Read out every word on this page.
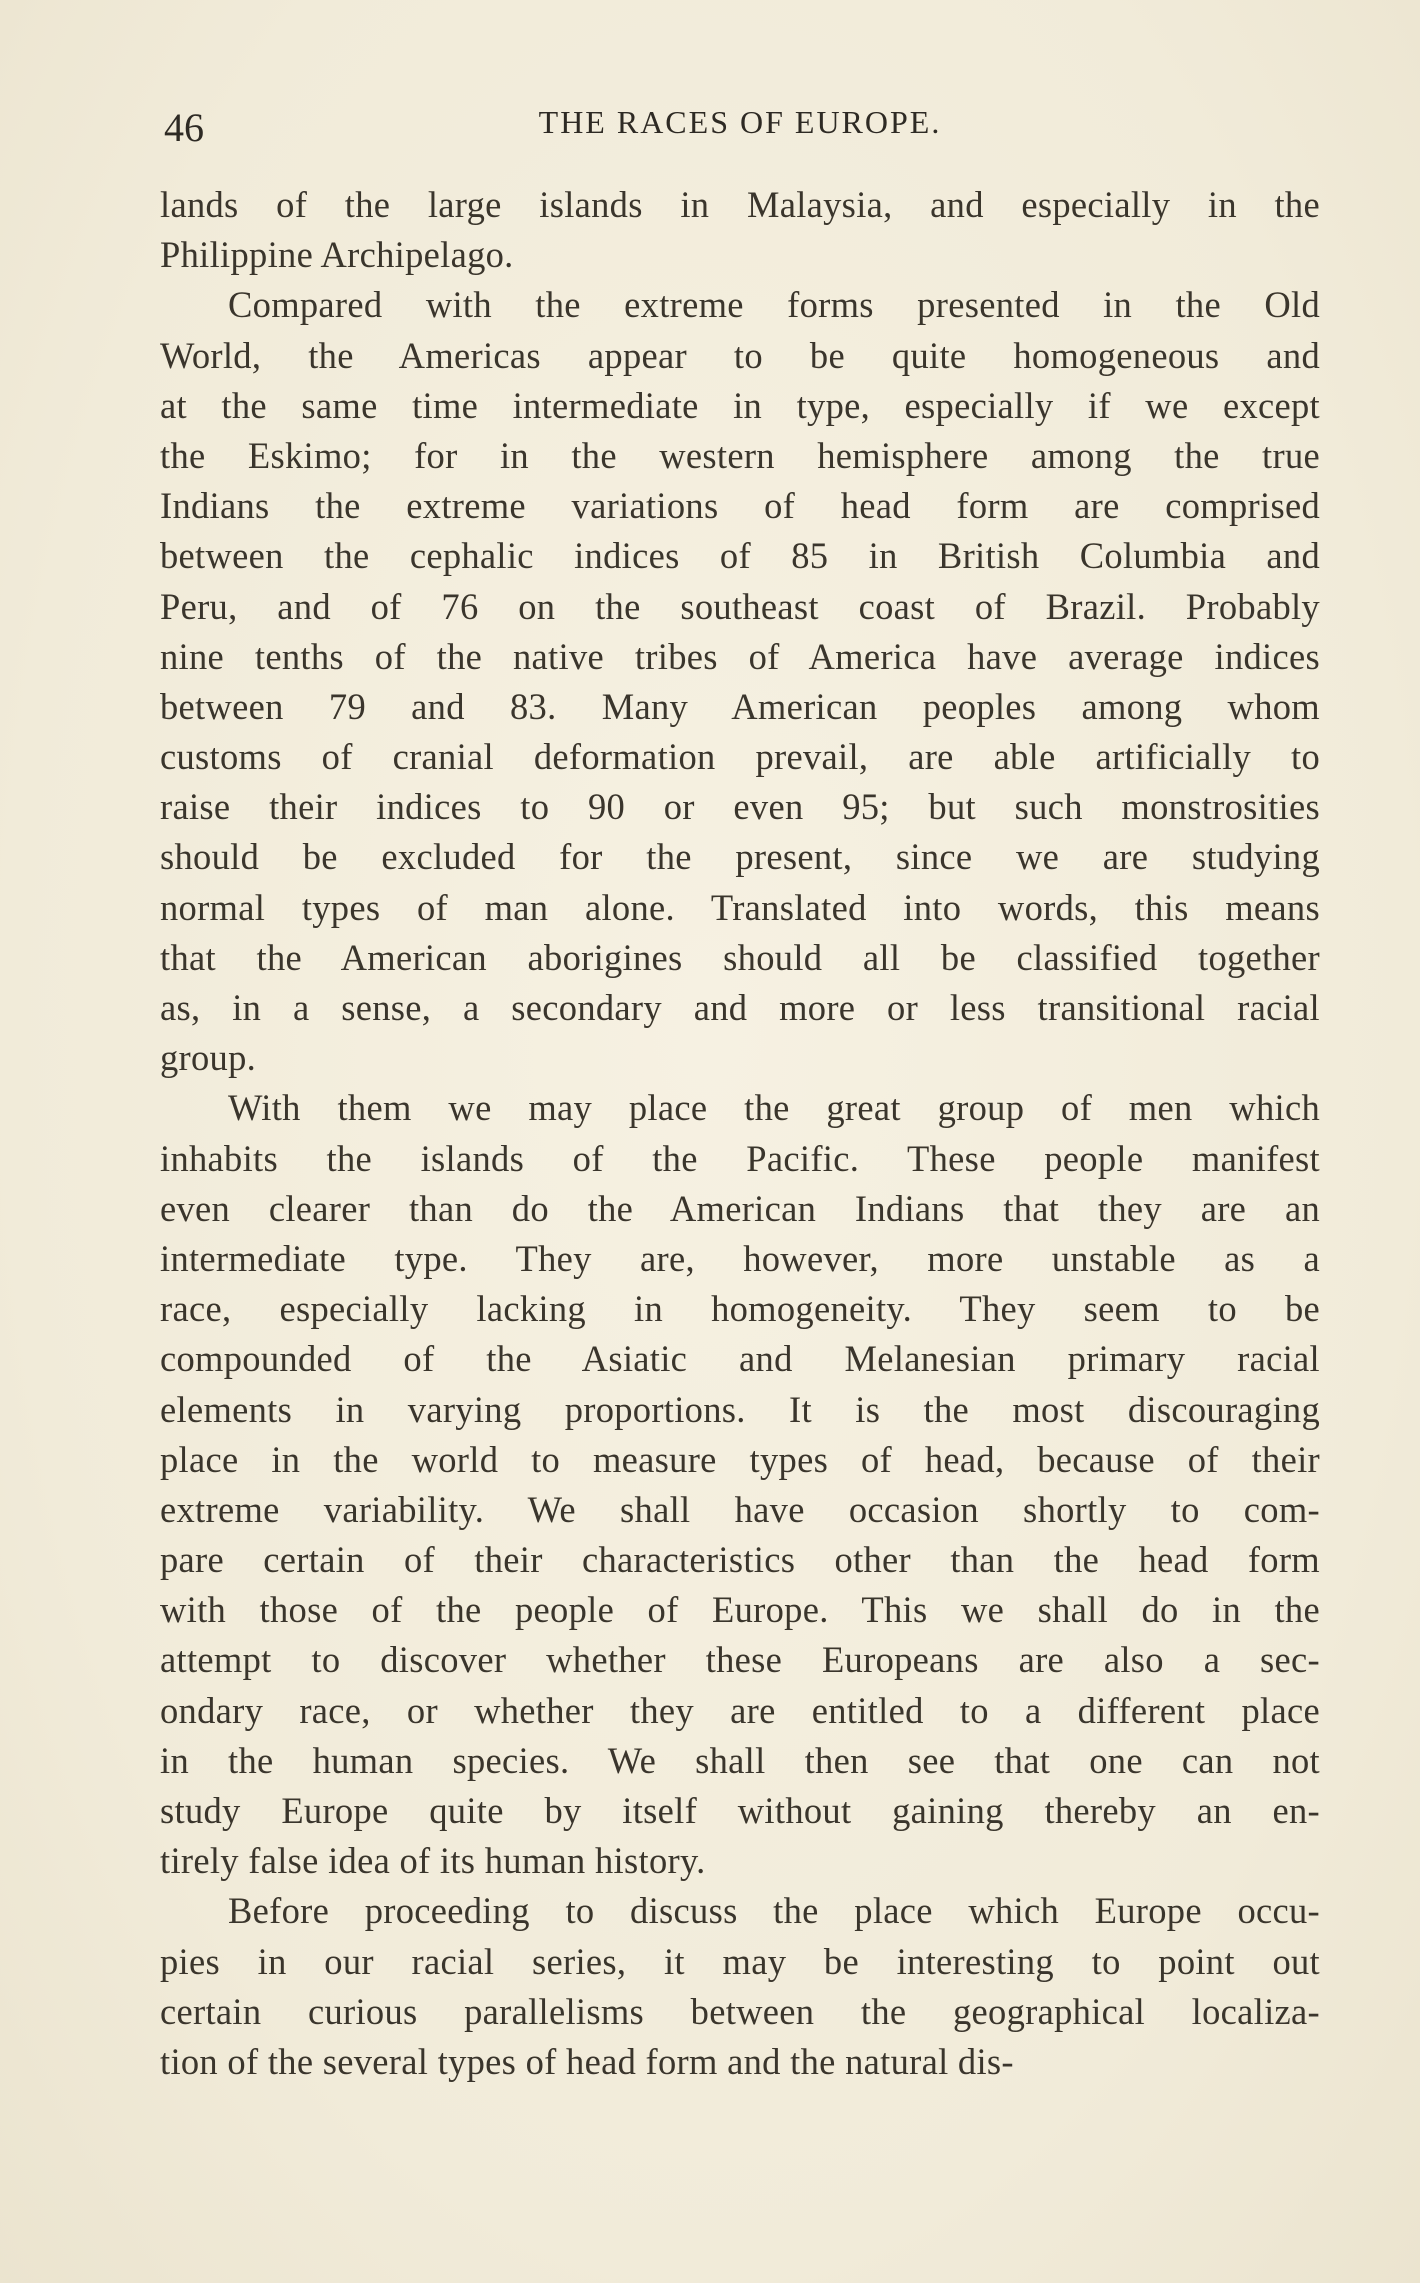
46	THE RACES OF EUROPE.
lands of the large islands in Malaysia, and especially in the
Philippine Archipelago.
Compared with the extreme forms presented in the Old
World, the Americas appear to be quite homogeneous and
at the same time intermediate in type, especially if we except
the Eskimo; for in the western hemisphere among the true
Indians the extreme variations of head form are comprised
between the cephalic indices of 85 in British Columbia and
Peru, and of 76 on the southeast coast of Brazil. Probably
nine tenths of the native tribes of America have average indices
between 79 and 83. Many American peoples among whom
customs of cranial deformation prevail, are able artificially to
raise their indices to 90 or even 95; but such monstrosities
should be excluded for the present, since we are studying
normal types of man alone. Translated into words, this means
that the American aborigines should all be classified together
as, in a sense, a secondary and more or less transitional racial
group.
With them we may place the great group of men which
inhabits the islands of the Pacific. These people manifest
even clearer than do the American Indians that they are an
intermediate type. They are, however, more unstable as a
race, especially lacking in homogeneity. They seem to be
compounded of the Asiatic and Melanesian primary racial
elements in varying proportions. It is the most discouraging
place in the world to measure types of head, because of their
extreme variability. We shall have occasion shortly to com-
pare certain of their characteristics other than the head form
with those of the people of Europe. This we shall do in the
attempt to discover whether these Europeans are also a sec-
ondary race, or whether they are entitled to a different place
in the human species. We shall then see that one can not
study Europe quite by itself without gaining thereby an en-
tirely false idea of its human history.
Before proceeding to discuss the place which Europe occu-
pies in our racial series, it may be interesting to point out
certain curious parallelisms between the geographical localiza-
tion of the several types of head form and the natural dis-
